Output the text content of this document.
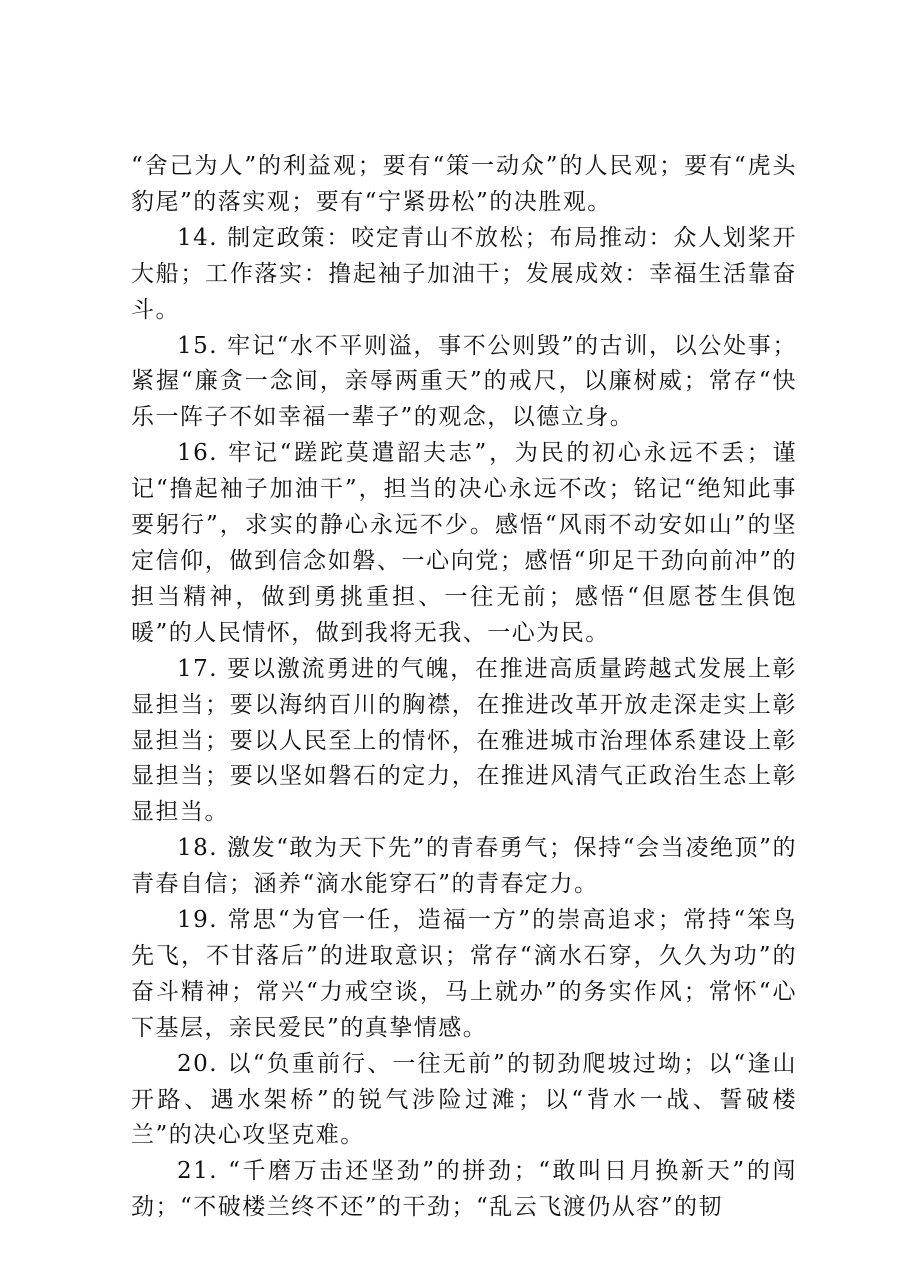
“舍己为人”的利益观；要有“策一动众”的人民观；要有“虎头豹尾”的落实观；要有“宁紧毋松”的决胜观。

14. 制定政策：咬定青山不放松；布局推动：众人划桨开大船；工作落实：撸起袖子加油干；发展成效：幸福生活靠奋斗。

15. 牢记“水不平则溢，事不公则毁”的古训，以公处事；紧握“廉贪一念间，亲辱两重天”的戒尺，以廉树威；常存“快乐一阵子不如幸福一辈子”的观念，以德立身。

16. 牢记“蹉跎莫遣韶夫志”，为民的初心永远不丢；谨记“撸起袖子加油干”，担当的决心永远不改；铭记“绝知此事要躬行”，求实的静心永远不少。感悟“风雨不动安如山”的坚定信仰，做到信念如磐、一心向党；感悟“卯足干劲向前冲”的担当精神，做到勇挑重担、一往无前；感悟“但愿苍生俱饱暖”的人民情怀，做到我将无我、一心为民。

17. 要以激流勇进的气魄，在推进高质量跨越式发展上彰显担当；要以海纳百川的胸襟，在推进改革开放走深走实上彰显担当；要以人民至上的情怀，在雅进城市治理体系建设上彰显担当；要以坚如磐石的定力，在推进风清气正政治生态上彰显担当。

18. 激发“敢为天下先”的青春勇气；保持“会当凌绝顶”的青春自信；涵养“滴水能穿石”的青春定力。

19. 常思“为官一任，造福一方”的崇高追求；常持“笨鸟先飞，不甘落后”的进取意识；常存“滴水石穿，久久为功”的奋斗精神；常兴“力戒空谈，马上就办”的务实作风；常怀“心下基层，亲民爱民”的真挚情感。

20. 以“负重前行、一往无前”的韧劲爬坡过坳；以“逢山开路、遇水架桥”的锐气涉险过滩；以“背水一战、誓破楼兰”的决心攻坚克难。

21. “千磨万击还坚劲”的拼劲；“敢叫日月换新天”的闯劲；“不破楼兰终不还”的干劲；“乱云飞渡仍从容”的韧
